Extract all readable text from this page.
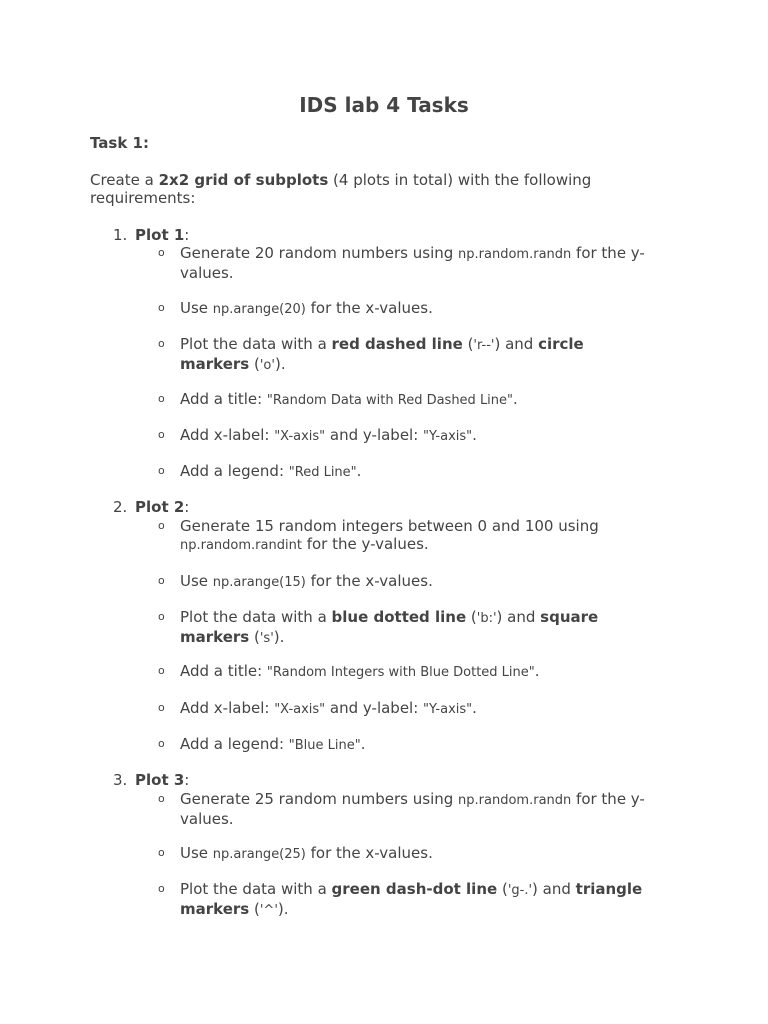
IDS lab 4 Tasks
Task 1:
Create a 2x2 grid of subplots (4 plots in total) with the following requirements:
1. Plot 1:
o Generate 20 random numbers using np.random.randn for the y-values.
o Use np.arange(20) for the x-values.
o Plot the data with a red dashed line ('r--') and circle markers ('o').
o Add a title: "Random Data with Red Dashed Line".
o Add x-label: "X-axis" and y-label: "Y-axis".
o Add a legend: "Red Line".
2. Plot 2:
o Generate 15 random integers between 0 and 100 using np.random.randint for the y-values.
o Use np.arange(15) for the x-values.
o Plot the data with a blue dotted line ('b:') and square markers ('s').
o Add a title: "Random Integers with Blue Dotted Line".
o Add x-label: "X-axis" and y-label: "Y-axis".
o Add a legend: "Blue Line".
3. Plot 3:
o Generate 25 random numbers using np.random.randn for the y-values.
o Use np.arange(25) for the x-values.
o Plot the data with a green dash-dot line ('g-.') and triangle markers ('^').
